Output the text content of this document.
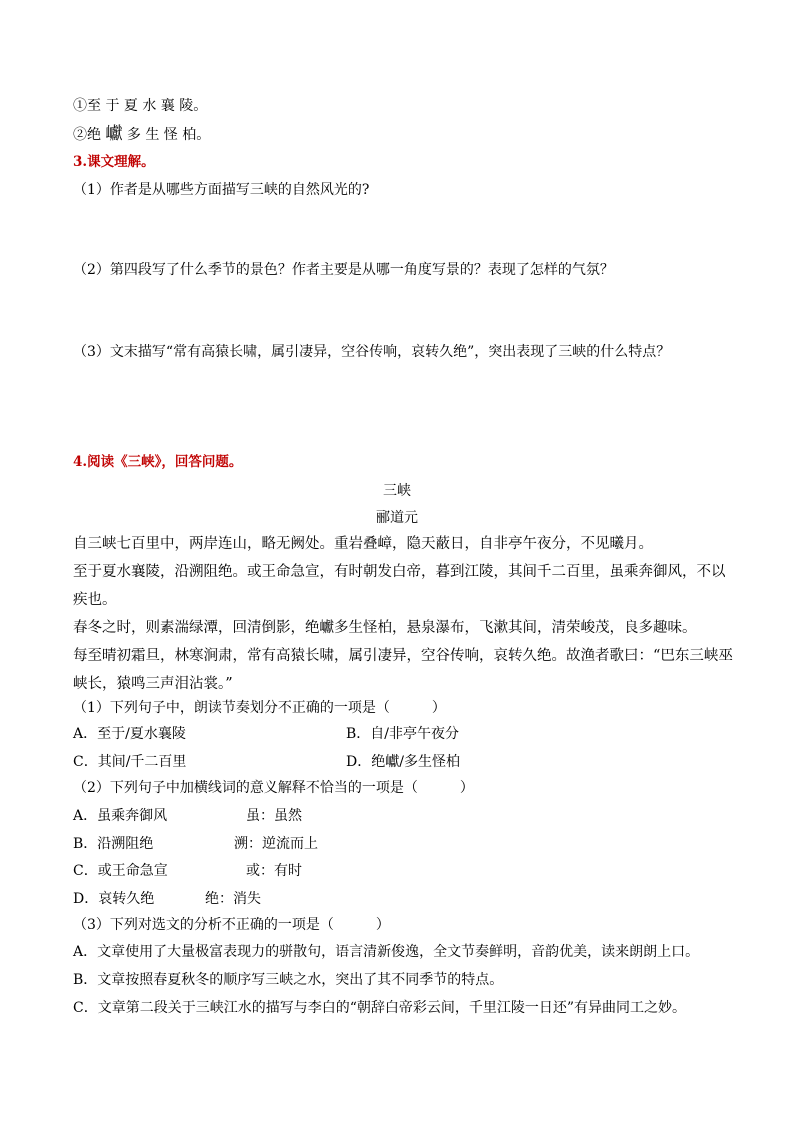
①至 于 夏 水 襄 陵。
②绝 巘 多 生 怪 柏。
3.课文理解。
（1）作者是从哪些方面描写三峡的自然风光的?
（2）第四段写了什么季节的景色？作者主要是从哪一角度写景的？表现了怎样的气氛？
（3）文末描写“常有高猿长啸，属引凄异，空谷传响，哀转久绝”，突出表现了三峡的什么特点？
4.阅读《三峡》，回答问题。
三峡
郦道元
自三峡七百里中，两岸连山，略无阙处。重岩叠嶂，隐天蔽日，自非亭午夜分，不见曦月。
至于夏水襄陵，沿溯阻绝。或王命急宣，有时朝发白帝，暮到江陵，其间千二百里，虽乘奔御风，不以疾也。
春冬之时，则素湍绿潭，回清倒影，绝巘多生怪柏，悬泉瀑布，飞漱其间，清荣峻茂，良多趣味。
每至晴初霜旦，林寒涧肃，常有高猿长啸，属引凄异，空谷传响，哀转久绝。故渔者歌曰：“巴东三峡巫峡长，猿鸣三声泪沾裳。”
（1）下列句子中，朗读节奏划分不正确的一项是（　　　）
A．至于/夏水襄陵	B．自/非亭午夜分
C．其间/千二百里	D．绝巘/多生怪柏
（2）下列句子中加横线词的意义解释不恰当的一项是（　　　）
A．虽乘奔御风	虽：虽然
B．沿溯阻绝	溯：逆流而上
C．或王命急宣	或：有时
D．哀转久绝	绝：消失
（3）下列对选文的分析不正确的一项是（　　　）
A．文章使用了大量极富表现力的骈散句，语言清新俊逸，全文节奏鲜明，音韵优美，读来朗朗上口。
B．文章按照春夏秋冬的顺序写三峡之水，突出了其不同季节的特点。
C．文章第二段关于三峡江水的描写与李白的“朝辞白帝彩云间，千里江陵一日还”有异曲同工之妙。
